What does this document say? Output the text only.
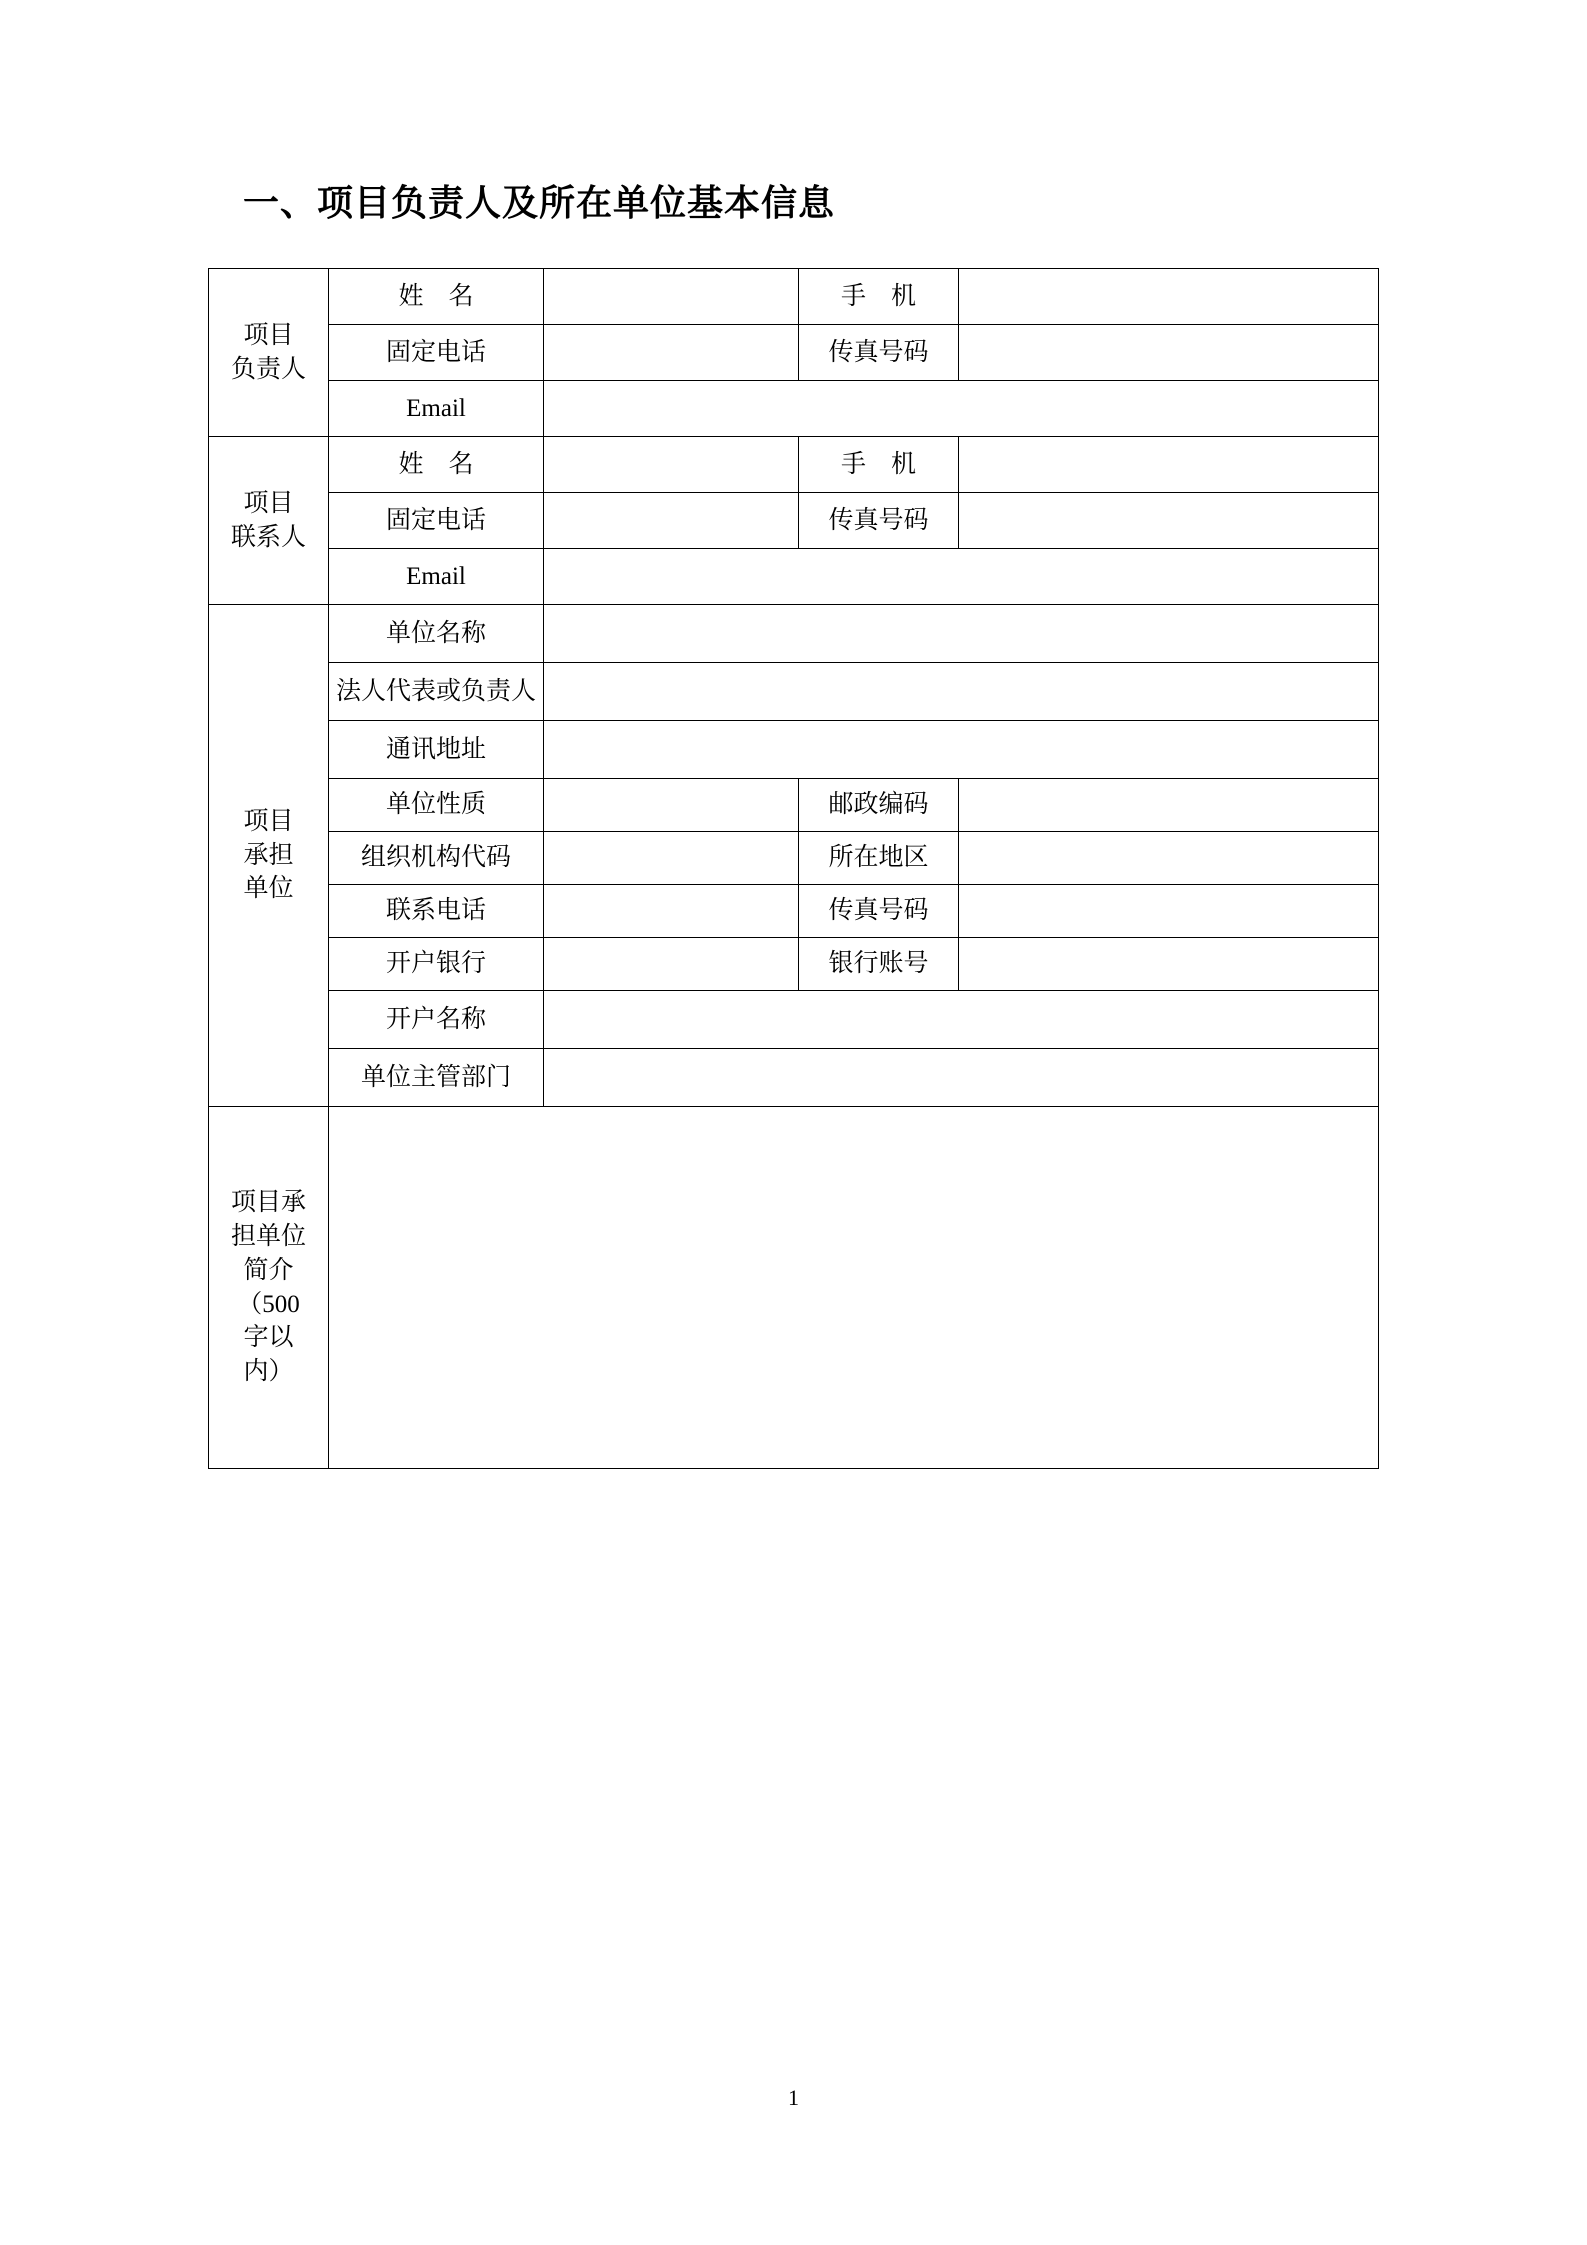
一、项目负责人及所在单位基本信息
项目
负责人	姓　名		手　机	
	固定电话		传真号码	
	Email			

项目
联系人	姓　名		手　机	
	固定电话		传真号码	
	Email			

项目
承担
单位	单位名称			
	法人代表或负责人			
	通讯地址			
	单位性质		邮政编码	
	组织机构代码		所在地区	
	联系电话		传真号码	
	开户银行		银行账号	
	开户名称			
	单位主管部门			

项目承
担单位
简介
（500
字以
内）

1
